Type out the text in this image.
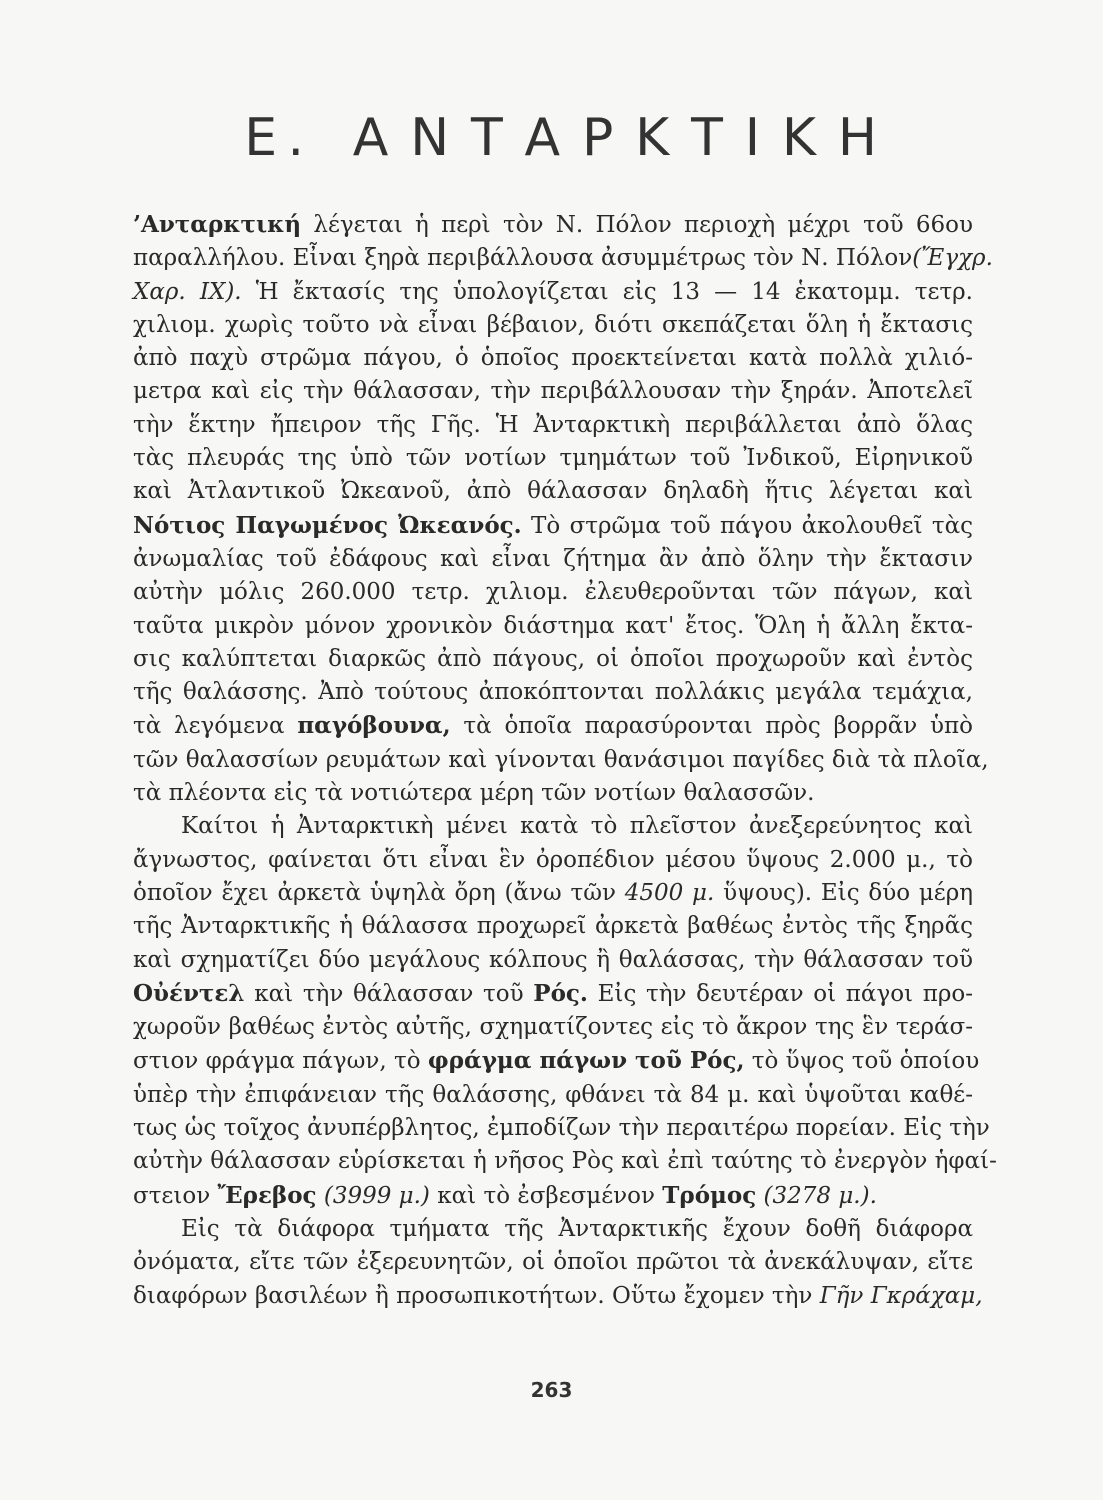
Ε. ΑΝΤΑΡΚΤΙΚΗ

’Ανταρκτική λέγεται ἡ περὶ τὸν Ν. Πόλον περιοχὴ μέχρι τοῦ 66ου
παραλλήλου. Εἶναι ξηρὰ περιβάλλουσα ἀσυμμέτρως τὸν Ν. Πόλον(Ἔγχρ.
Χαρ. IX). Ἡ ἔκτασίς της ὑπολογίζεται εἰς 13 — 14 ἑκατομμ. τετρ.
χιλιομ. χωρὶς τοῦτο νὰ εἶναι βέβαιον, διότι σκεπάζεται ὅλη ἡ ἔκτασις
ἀπὸ παχὺ στρῶμα πάγου, ὁ ὁποῖος προεκτείνεται κατὰ πολλὰ χιλιό-
μετρα καὶ εἰς τὴν θάλασσαν, τὴν περιβάλλουσαν τὴν ξηράν. Ἀποτελεῖ
τὴν ἕκτην ἤπειρον τῆς Γῆς. Ἡ Ἀνταρκτικὴ περιβάλλεται ἀπὸ ὅλας
τὰς πλευράς της ὑπὸ τῶν νοτίων τμημάτων τοῦ Ἰνδικοῦ, Εἰρηνικοῦ
καὶ Ἀτλαντικοῦ Ὠκεανοῦ, ἀπὸ θάλασσαν δηλαδὴ ἥτις λέγεται καὶ
Νότιος Παγωμένος Ὠκεανός. Τὸ στρῶμα τοῦ πάγου ἀκολουθεῖ τὰς
ἀνωμαλίας τοῦ ἐδάφους καὶ εἶναι ζήτημα ἂν ἀπὸ ὅλην τὴν ἔκτασιν
αὐτὴν μόλις 260.000 τετρ. χιλιομ. ἐλευθεροῦνται τῶν πάγων, καὶ
ταῦτα μικρὸν μόνον χρονικὸν διάστημα κατ' ἔτος. Ὅλη ἡ ἄλλη ἔκτα-
σις καλύπτεται διαρκῶς ἀπὸ πάγους, οἱ ὁποῖοι προχωροῦν καὶ ἐντὸς
τῆς θαλάσσης. Ἀπὸ τούτους ἀποκόπτονται πολλάκις μεγάλα τεμάχια,
τὰ λεγόμενα παγόβουνα, τὰ ὁποῖα παρασύρονται πρὸς βορρᾶν ὑπὸ
τῶν θαλασσίων ρευμάτων καὶ γίνονται θανάσιμοι παγίδες διὰ τὰ πλοῖα,
τὰ πλέοντα εἰς τὰ νοτιώτερα μέρη τῶν νοτίων θαλασσῶν.

Καίτοι ἡ Ἀνταρκτικὴ μένει κατὰ τὸ πλεῖστον ἀνεξερεύνητος καὶ
ἄγνωστος, φαίνεται ὅτι εἶναι ἓν ὀροπέδιον μέσου ὕψους 2.000 μ., τὸ
ὁποῖον ἔχει ἀρκετὰ ὑψηλὰ ὄρη (ἄνω τῶν 4500 μ. ὕψους). Εἰς δύο μέρη
τῆς Ἀνταρκτικῆς ἡ θάλασσα προχωρεῖ ἀρκετὰ βαθέως ἐντὸς τῆς ξηρᾶς
καὶ σχηματίζει δύο μεγάλους κόλπους ἢ θαλάσσας, τὴν θάλασσαν τοῦ
Οὐέντελ καὶ τὴν θάλασσαν τοῦ Ρός. Εἰς τὴν δευτέραν οἱ πάγοι προ-
χωροῦν βαθέως ἐντὸς αὐτῆς, σχηματίζοντες εἰς τὸ ἄκρον της ἓν τεράσ-
στιον φράγμα πάγων, τὸ φράγμα πάγων τοῦ Ρός, τὸ ὕψος τοῦ ὁποίου
ὑπὲρ τὴν ἐπιφάνειαν τῆς θαλάσσης, φθάνει τὰ 84 μ. καὶ ὑψοῦται καθέ-
τως ὡς τοῖχος ἀνυπέρβλητος, ἐμποδίζων τὴν περαιτέρω πορείαν. Εἰς τὴν
αὐτὴν θάλασσαν εὑρίσκεται ἡ νῆσος Ρὸς καὶ ἐπὶ ταύτης τὸ ἐνεργὸν ἡφαί-
στειον Ἔρεβος (3999 μ.) καὶ τὸ ἐσβεσμένον Τρόμος (3278 μ.).

Εἰς τὰ διάφορα τμήματα τῆς Ἀνταρκτικῆς ἔχουν δοθῆ διάφορα
ὀνόματα, εἴτε τῶν ἐξερευνητῶν, οἱ ὁποῖοι πρῶτοι τὰ ἀνεκάλυψαν, εἴτε
διαφόρων βασιλέων ἢ προσωπικοτήτων. Οὕτω ἔχομεν τὴν Γῆν Γκράχαμ,

263
